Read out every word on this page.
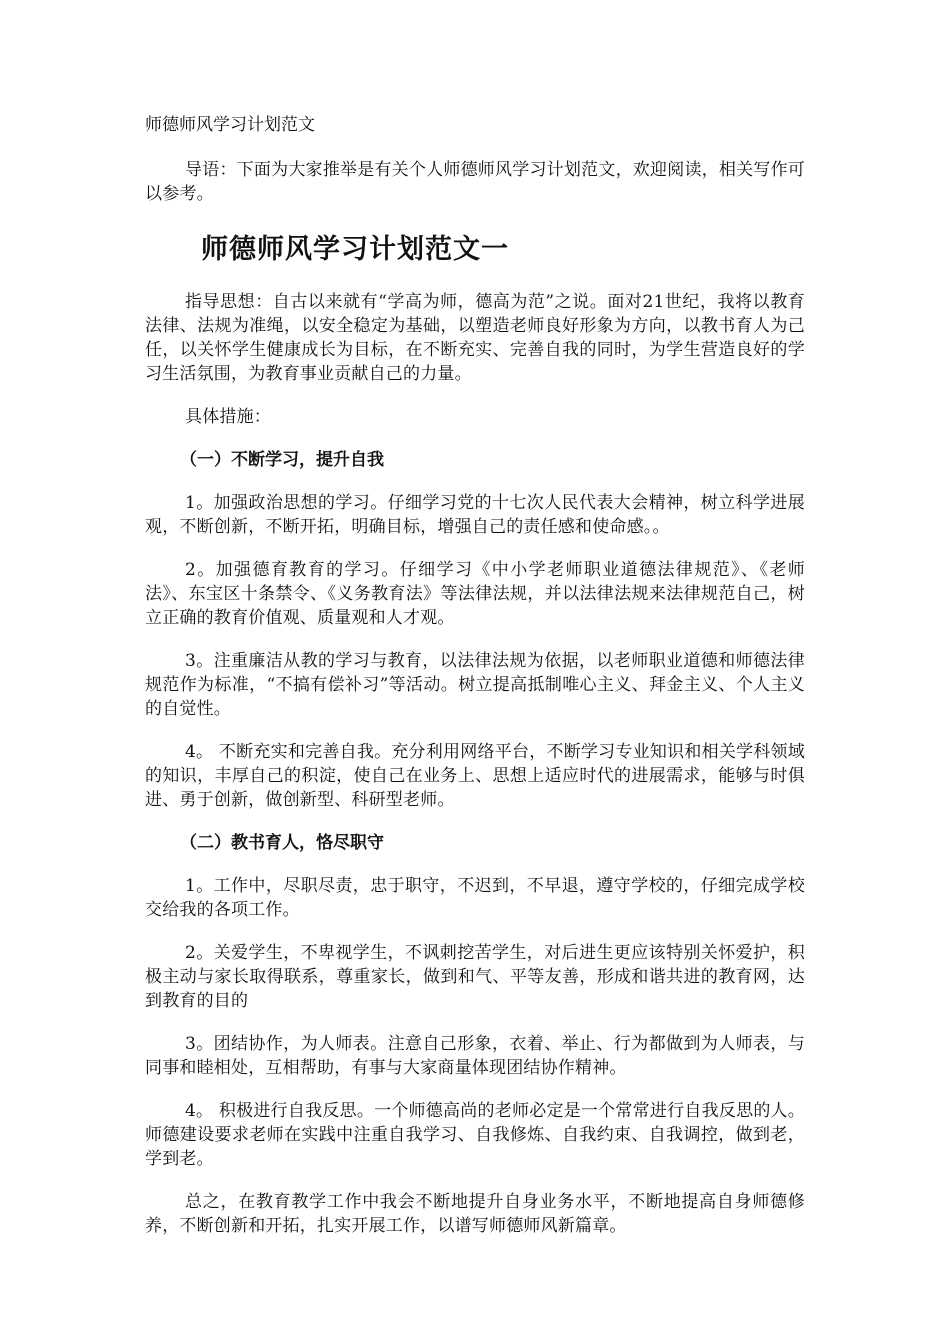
师德师风学习计划范文

导语：下面为大家推举是有关个人师德师风学习计划范文，欢迎阅读，相关写作可以参考。

师德师风学习计划范文一

指导思想：自古以来就有“学高为师，德高为范”之说。面对21世纪，我将以教育法律、法规为准绳，以安全稳定为基础，以塑造老师良好形象为方向，以教书育人为己任，以关怀学生健康成长为目标，在不断充实、完善自我的同时，为学生营造良好的学习生活氛围，为教育事业贡献自己的力量。

具体措施：

（一）不断学习，提升自我

1。加强政治思想的学习。仔细学习党的十七次人民代表大会精神，树立科学进展观，不断创新，不断开拓，明确目标，增强自己的责任感和使命感。。

2。加强德育教育的学习。仔细学习《中小学老师职业道德法律规范》、《老师法》、东宝区十条禁令、《义务教育法》等法律法规，并以法律法规来法律规范自己，树立正确的教育价值观、质量观和人才观。

3。注重廉洁从教的学习与教育，以法律法规为依据，以老师职业道德和师德法律规范作为标准，“不搞有偿补习”等活动。树立提高抵制唯心主义、拜金主义、个人主义的自觉性。

4。 不断充实和完善自我。充分利用网络平台，不断学习专业知识和相关学科领域的知识，丰厚自己的积淀，使自己在业务上、思想上适应时代的进展需求，能够与时俱进、勇于创新，做创新型、科研型老师。

（二）教书育人，恪尽职守

1。工作中，尽职尽责，忠于职守，不迟到，不早退，遵守学校的，仔细完成学校交给我的各项工作。

2。关爱学生，不卑视学生，不讽刺挖苦学生，对后进生更应该特别关怀爱护，积极主动与家长取得联系，尊重家长，做到和气、平等友善，形成和谐共进的教育网，达到教育的目的

3。团结协作，为人师表。注意自己形象，衣着、举止、行为都做到为人师表，与同事和睦相处，互相帮助，有事与大家商量体现团结协作精神。

4。 积极进行自我反思。一个师德高尚的老师必定是一个常常进行自我反思的人。师德建设要求老师在实践中注重自我学习、自我修炼、自我约束、自我调控，做到老，学到老。

总之，在教育教学工作中我会不断地提升自身业务水平，不断地提高自身师德修养，不断创新和开拓，扎实开展工作，以谱写师德师风新篇章。
